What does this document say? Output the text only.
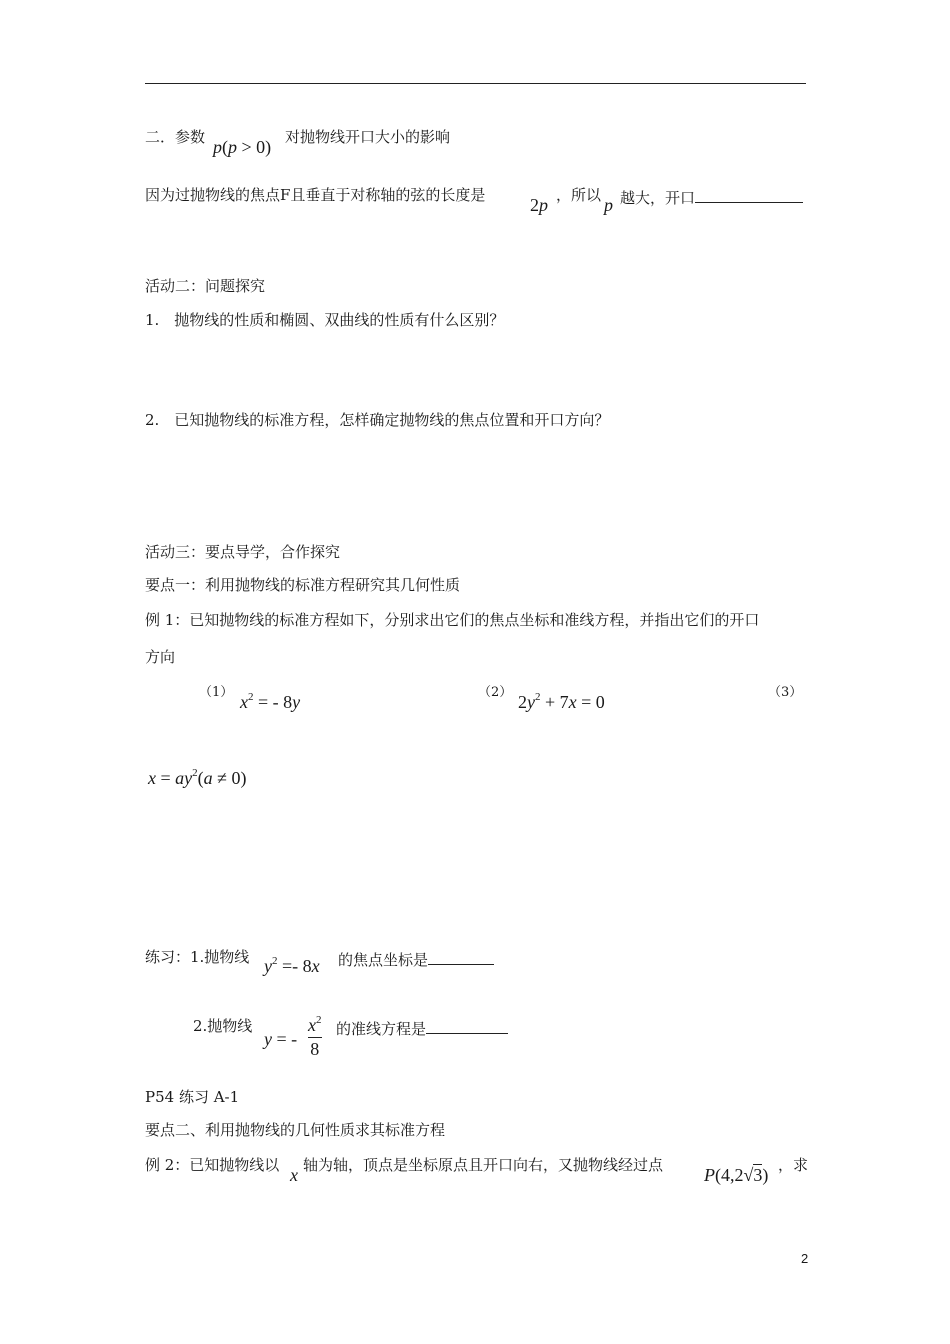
二．参数 p(p > 0) 对抛物线开口大小的影响
因为过抛物线的焦点F且垂直于对称轴的弦的长度是 2p ，所以 p 越大，开口
活动二：问题探究
1.　抛物线的性质和椭圆、双曲线的性质有什么区别？
2.　已知抛物线的标准方程，怎样确定抛物线的焦点位置和开口方向？
活动三：要点导学，合作探究
要点一：利用抛物线的标准方程研究其几何性质
例 1：已知抛物线的标准方程如下，分别求出它们的焦点坐标和准线方程，并指出它们的开口
方向
（1） $x^2$ = - 8y	（2） $2y^2 + 7x = 0$	（3）
$x = ay^2(a \ne 0)$
练习：1.抛物线 $y^2 =- 8x$ 的焦点坐标是
2.抛物线
y = -
$x^2$
8
的准线方程是
P54 练习 A-1
要点二、利用抛物线的几何性质求其标准方程
例 2：已知抛物线以 x 轴为轴，顶点是坐标原点且开口向右，又抛物线经过点 P(4,2√3) ，求
2
